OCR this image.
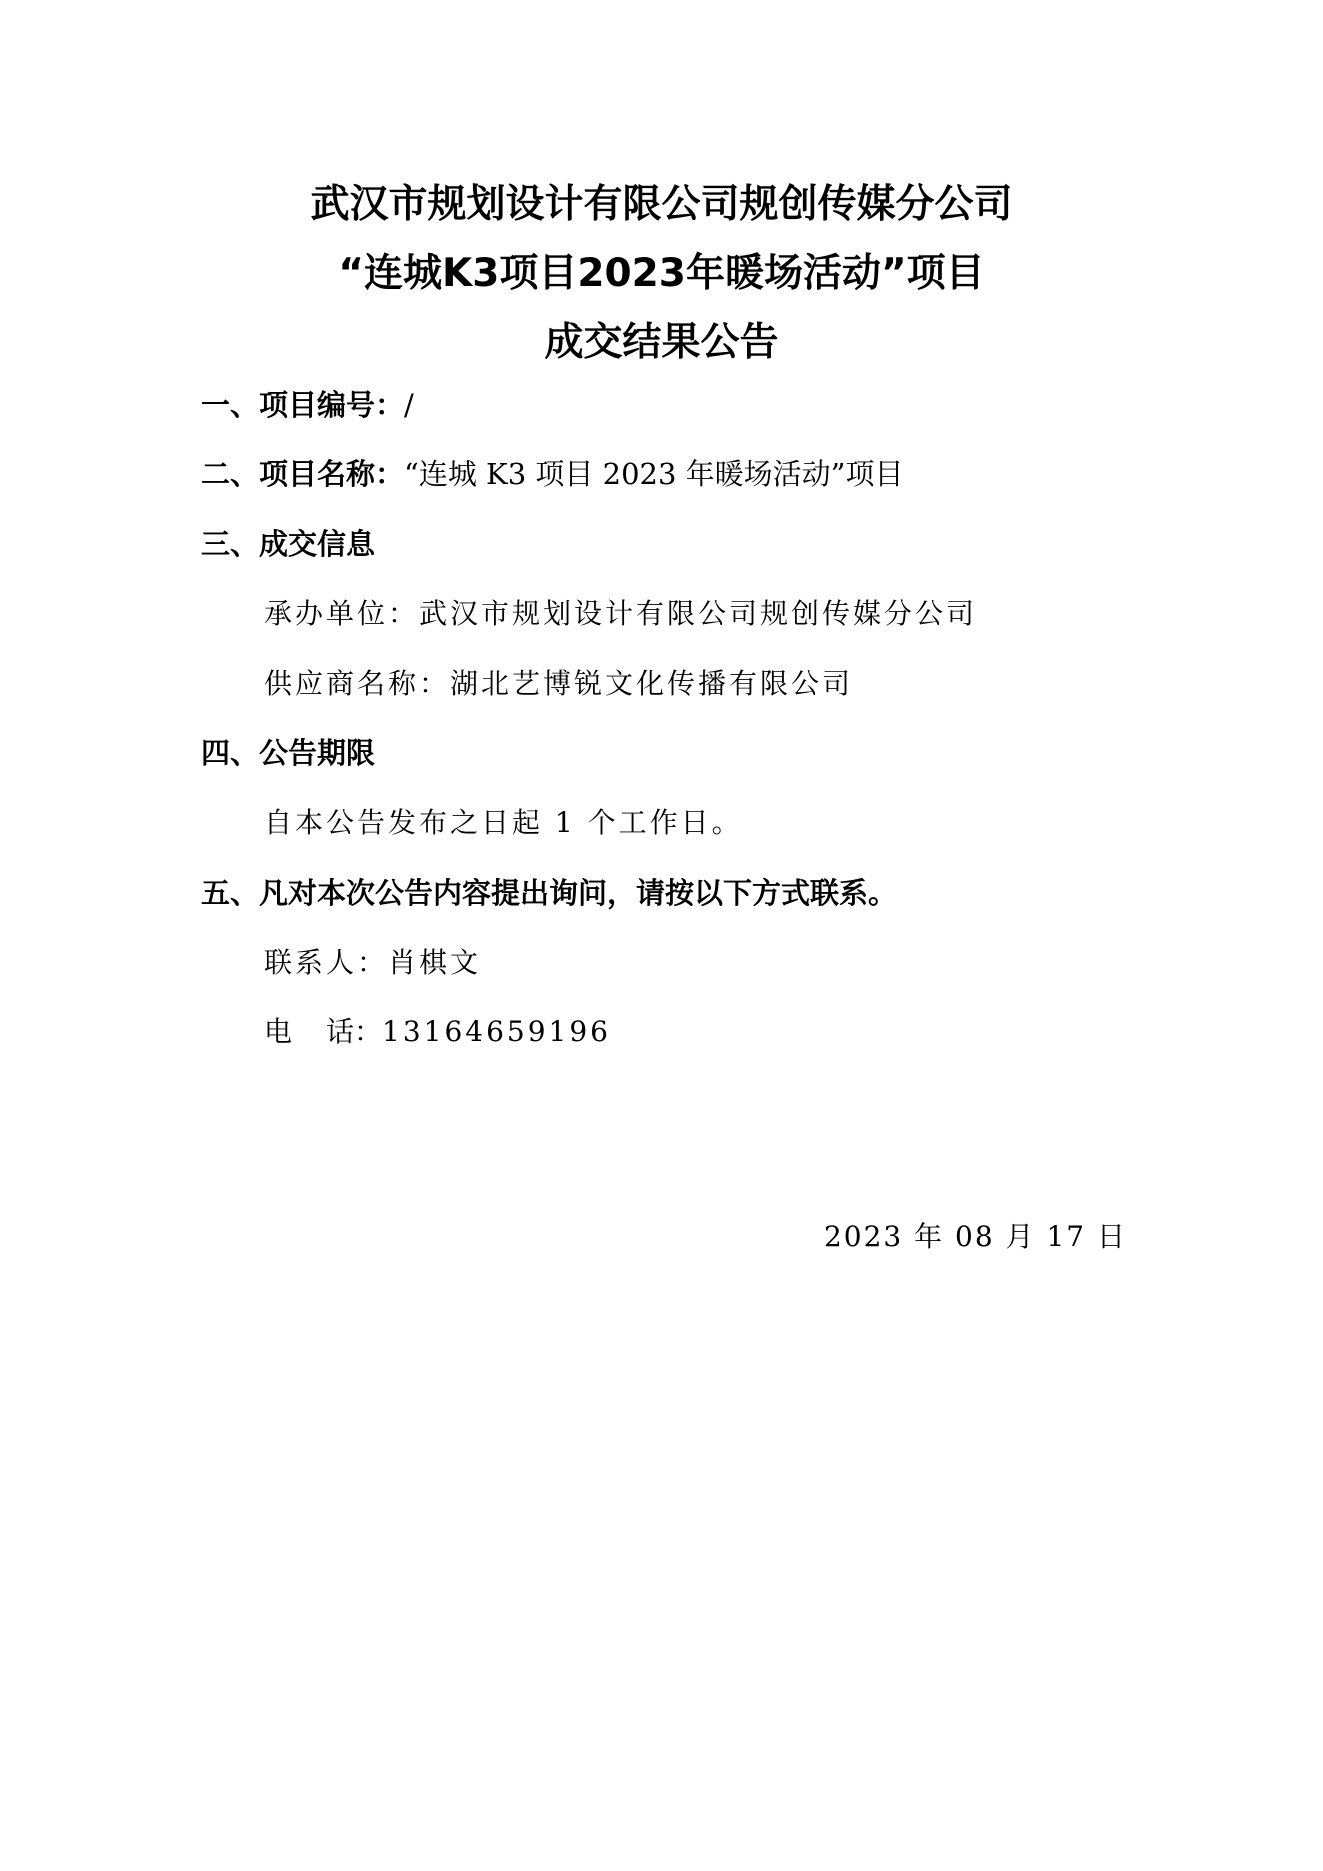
武汉市规划设计有限公司规创传媒分公司
“连城K3项目2023年暖场活动”项目
成交结果公告
一、项目编号：/
二、项目名称：“连城 K3 项目 2023 年暖场活动”项目
三、成交信息
承办单位：武汉市规划设计有限公司规创传媒分公司
供应商名称：湖北艺博锐文化传播有限公司
四、公告期限
自本公告发布之日起 1 个工作日。
五、凡对本次公告内容提出询问，请按以下方式联系。
联系人：肖棋文
电 话：13164659196
2023 年 08 月 17 日
